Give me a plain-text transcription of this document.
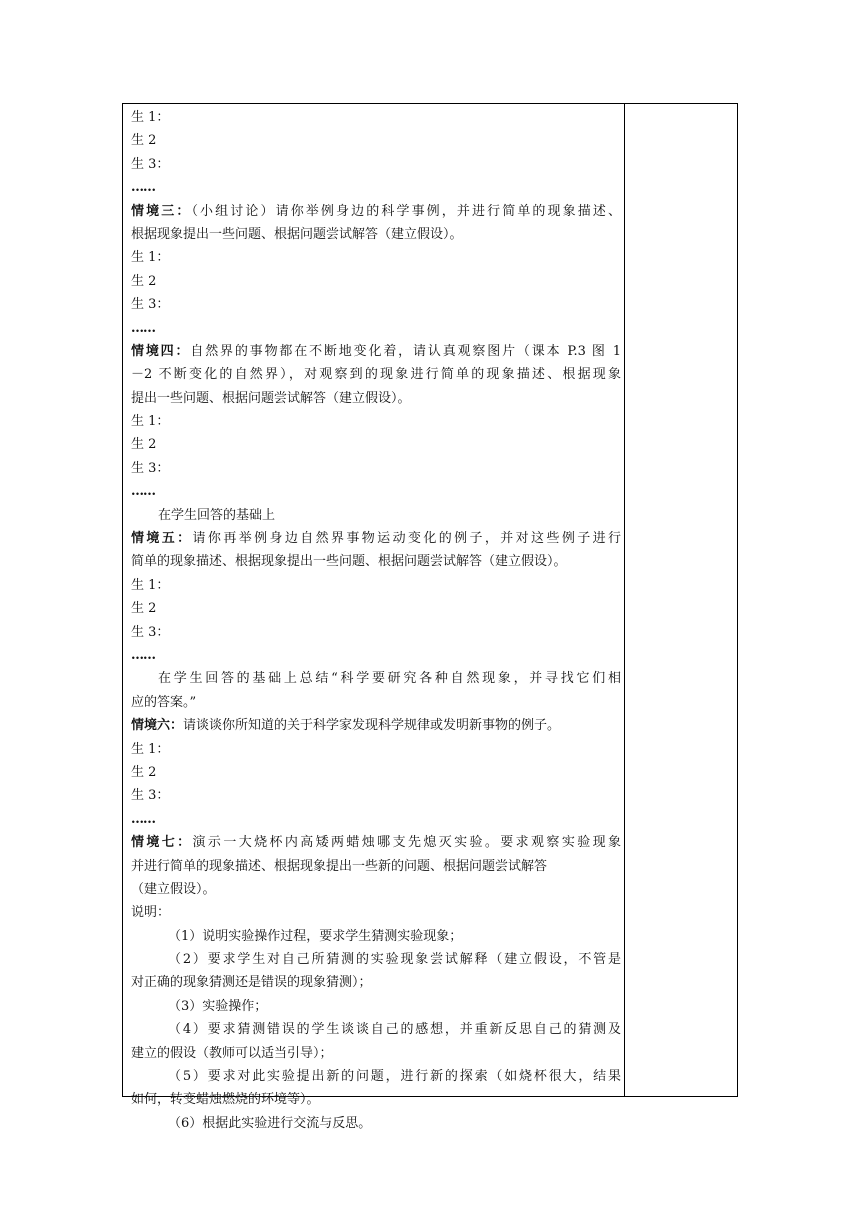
生 1：
生 2
生 3：
……
情境三：（小组讨论）请你举例身边的科学事例，并进行简单的现象描述、
根据现象提出一些问题、根据问题尝试解答（建立假设）。
生 1：
生 2
生 3：
……
情境四：自然界的事物都在不断地变化着，请认真观察图片（课本 P.3 图 1
－2 不断变化的自然界），对观察到的现象进行简单的现象描述、根据现象
提出一些问题、根据问题尝试解答（建立假设）。
生 1：
生 2
生 3：
……
在学生回答的基础上
情境五：请你再举例身边自然界事物运动变化的例子，并对这些例子进行
简单的现象描述、根据现象提出一些问题、根据问题尝试解答（建立假设）。
生 1：
生 2
生 3：
……
在学生回答的基础上总结“科学要研究各种自然现象，并寻找它们相
应的答案。”
情境六：请谈谈你所知道的关于科学家发现科学规律或发明新事物的例子。
生 1：
生 2
生 3：
……
情境七：演示一大烧杯内高矮两蜡烛哪支先熄灭实验。要求观察实验现象
并进行简单的现象描述、根据现象提出一些新的问题、根据问题尝试解答
（建立假设）。
说明：
（1）说明实验操作过程，要求学生猜测实验现象；
（2）要求学生对自己所猜测的实验现象尝试解释（建立假设，不管是
对正确的现象猜测还是错误的现象猜测）；
（3）实验操作；
（4）要求猜测错误的学生谈谈自己的感想，并重新反思自己的猜测及
建立的假设（教师可以适当引导）；
（5）要求对此实验提出新的问题，进行新的探索（如烧杯很大，结果
如何，转变蜡烛燃烧的环境等）。
（6）根据此实验进行交流与反思。
